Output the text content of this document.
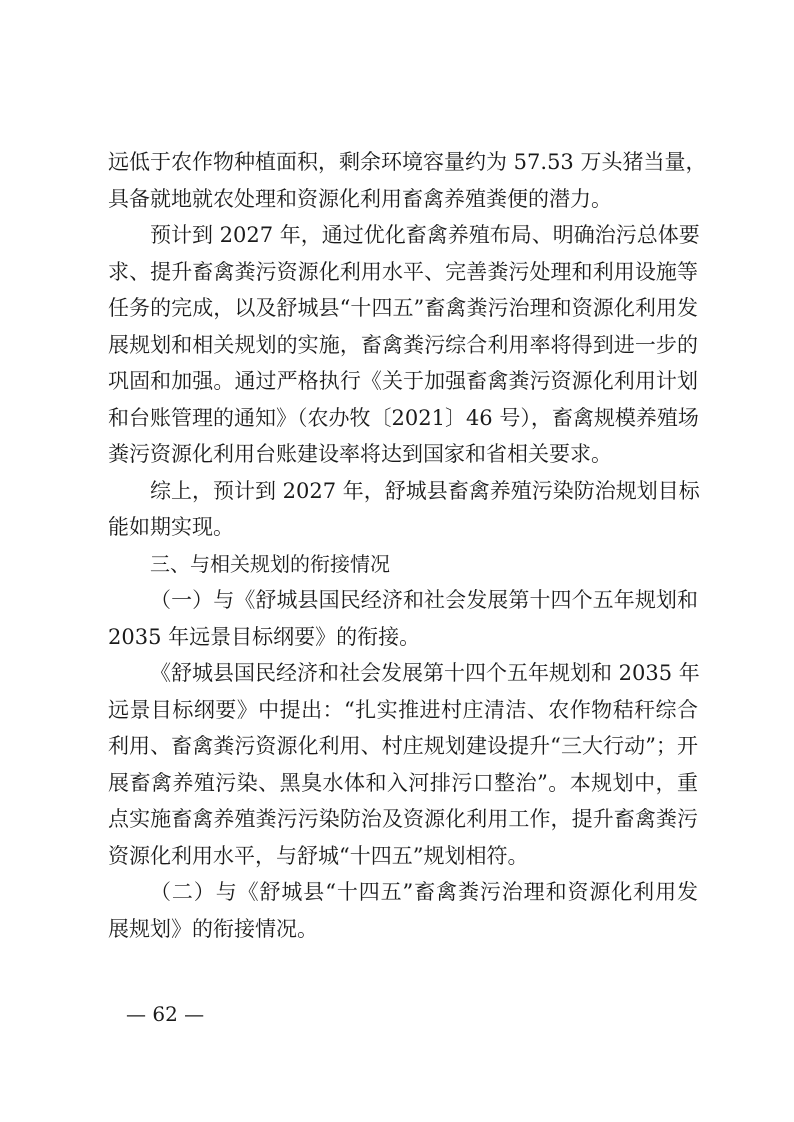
远低于农作物种植面积，剩余环境容量约为 57.53 万头猪当量，
具备就地就农处理和资源化利用畜禽养殖粪便的潜力。
预计到 2027 年，通过优化畜禽养殖布局、明确治污总体要
求、提升畜禽粪污资源化利用水平、完善粪污处理和利用设施等
任务的完成，以及舒城县“十四五”畜禽粪污治理和资源化利用发
展规划和相关规划的实施，畜禽粪污综合利用率将得到进一步的
巩固和加强。通过严格执行《关于加强畜禽粪污资源化利用计划
和台账管理的通知》（农办牧〔2021〕46 号），畜禽规模养殖场
粪污资源化利用台账建设率将达到国家和省相关要求。
综上，预计到 2027 年，舒城县畜禽养殖污染防治规划目标
能如期实现。
三、与相关规划的衔接情况
（一）与《舒城县国民经济和社会发展第十四个五年规划和
2035 年远景目标纲要》的衔接。
《舒城县国民经济和社会发展第十四个五年规划和 2035 年
远景目标纲要》中提出：“扎实推进村庄清洁、农作物秸秆综合
利用、畜禽粪污资源化利用、村庄规划建设提升“三大行动”；开
展畜禽养殖污染、黑臭水体和入河排污口整治”。本规划中，重
点实施畜禽养殖粪污污染防治及资源化利用工作，提升畜禽粪污
资源化利用水平，与舒城“十四五”规划相符。
（二）与《舒城县“十四五”畜禽粪污治理和资源化利用发
展规划》的衔接情况。
— 62 —
